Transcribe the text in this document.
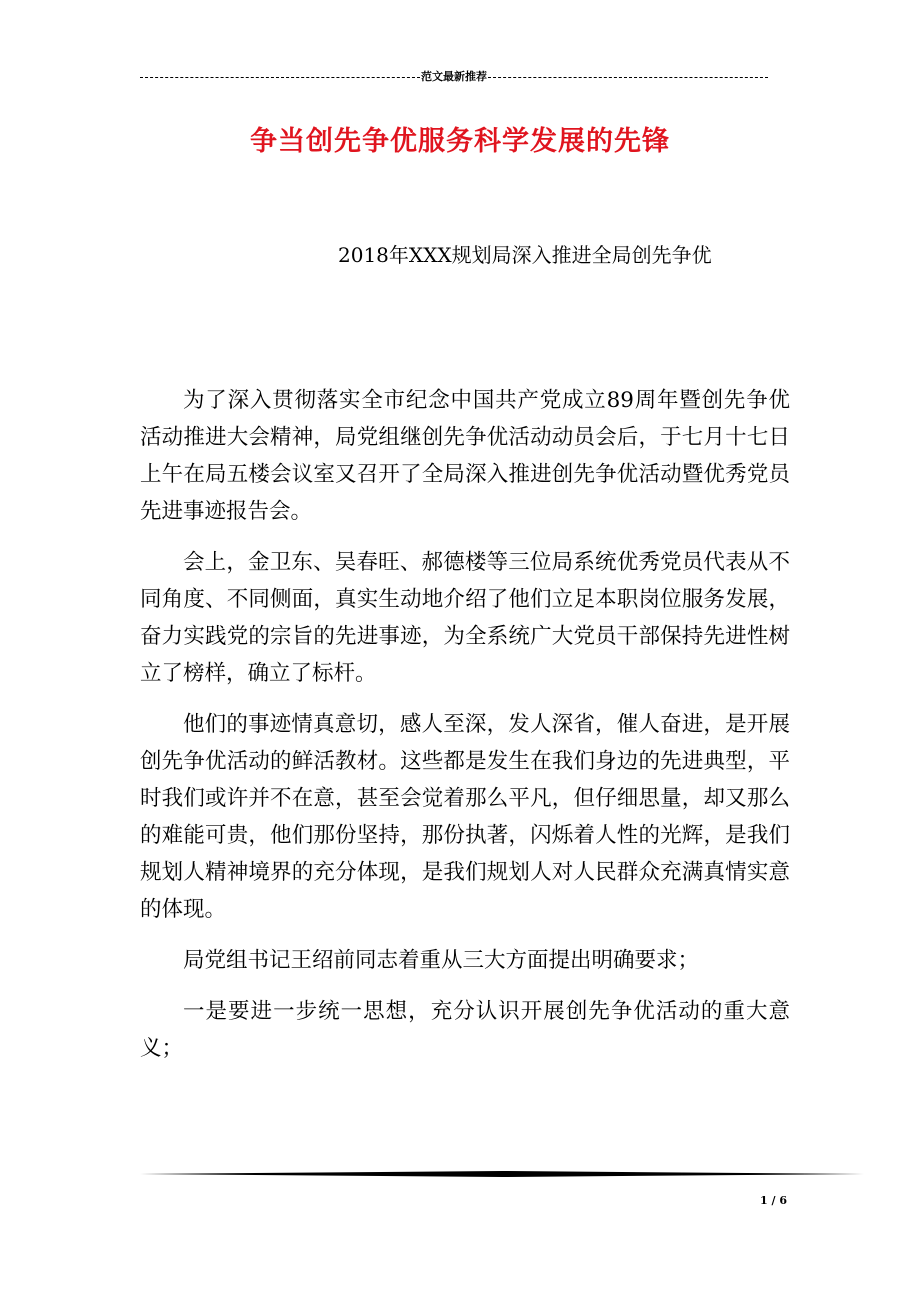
范文最新推荐
争当创先争优服务科学发展的先锋
2018年XXX规划局深入推进全局创先争优

为了深入贯彻落实全市纪念中国共产党成立89周年暨创先争优活动推进大会精神，局党组继创先争优活动动员会后，于七月十七日上午在局五楼会议室又召开了全局深入推进创先争优活动暨优秀党员先进事迹报告会。

会上，金卫东、吴春旺、郝德楼等三位局系统优秀党员代表从不同角度、不同侧面，真实生动地介绍了他们立足本职岗位服务发展，奋力实践党的宗旨的先进事迹，为全系统广大党员干部保持先进性树立了榜样，确立了标杆。

他们的事迹情真意切，感人至深，发人深省，催人奋进，是开展创先争优活动的鲜活教材。这些都是发生在我们身边的先进典型，平时我们或许并不在意，甚至会觉着那么平凡，但仔细思量，却又那么的难能可贵，他们那份坚持，那份执著，闪烁着人性的光辉，是我们规划人精神境界的充分体现，是我们规划人对人民群众充满真情实意的体现。

局党组书记王绍前同志着重从三大方面提出明确要求；

一是要进一步统一思想，充分认识开展创先争优活动的重大意义；

1 / 6
